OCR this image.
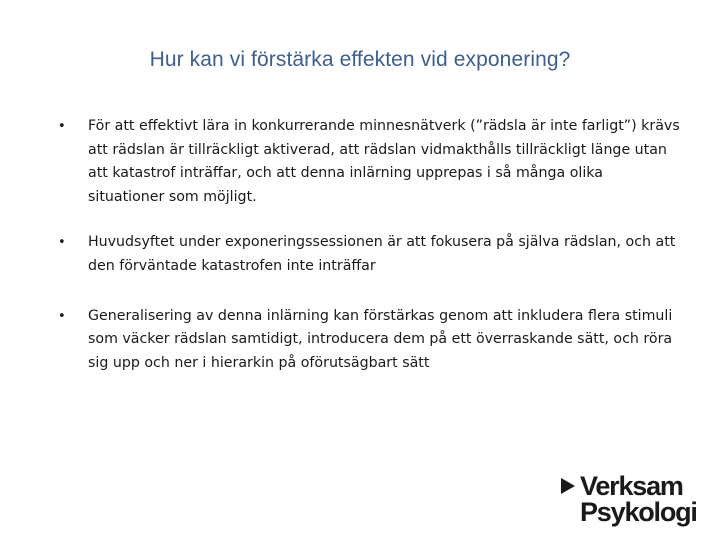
Hur kan vi förstärka effekten vid exponering?
•	För att effektivt lära in konkurrerande minnesnätverk (”rädsla är inte farligt”) krävs att rädslan är tillräckligt aktiverad, att rädslan vidmakthålls tillräckligt länge utan att katastrof inträffar, och att denna inlärning upprepas i så många olika situationer som möjligt.
•	Huvudsyftet under exponeringssessionen är att fokusera på själva rädslan, och att den förväntade katastrofen inte inträffar
•	Generalisering av denna inlärning kan förstärkas genom att inkludera flera stimuli som väcker rädslan samtidigt, introducera dem på ett överraskande sätt, och röra sig upp och ner i hierarkin på oförutsägbart sätt
Verksam
Psykologi
